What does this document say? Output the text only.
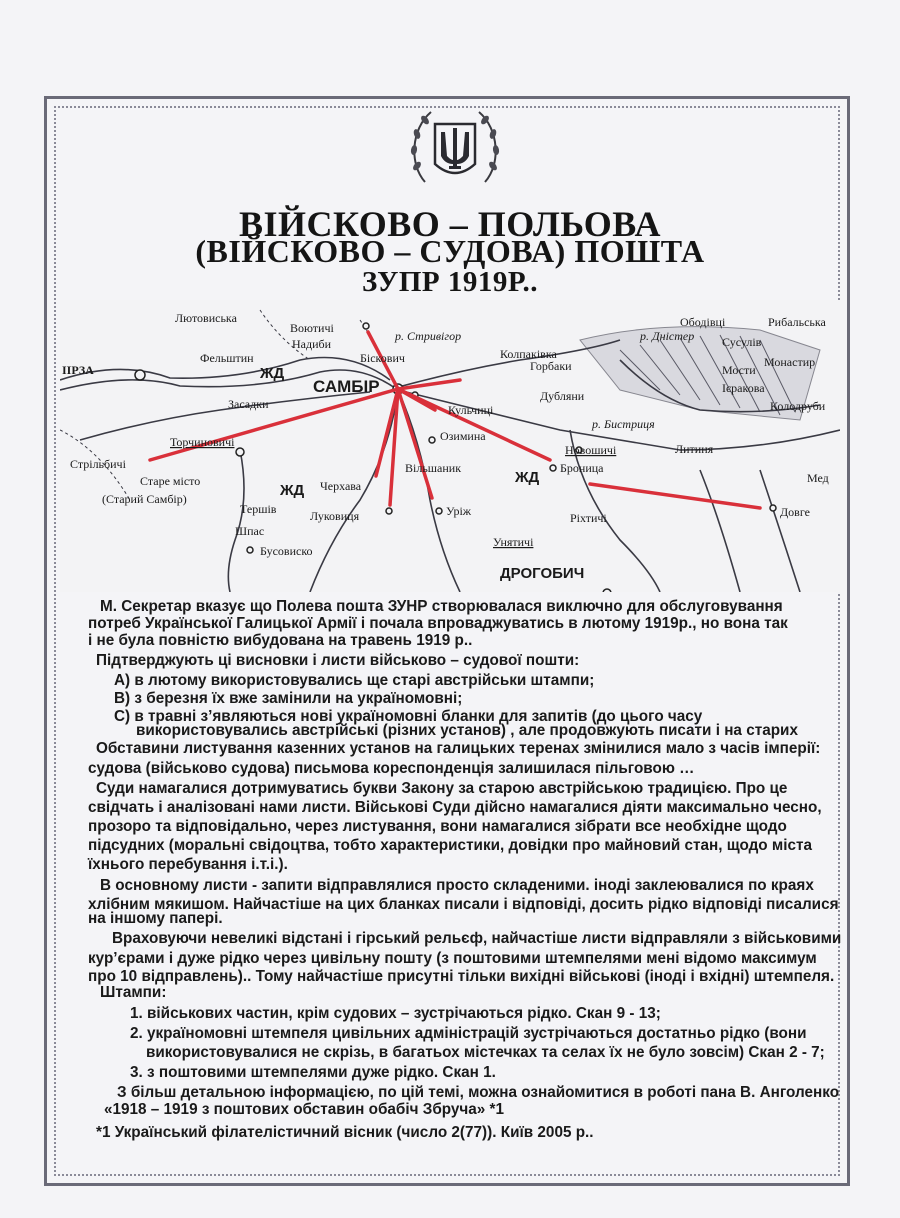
ВІЙСКОВО – ПОЛЬОВА
(ВІЙСКОВО – СУДОВА) ПОШТА
ЗУПР 1919Р..
Лютовиська
Воютичі
Надиби
Біскович
р. Стривігор
Фельштин
ІІРЗА	ЖД
САМБІР
Засадки
Торчиновичі
Стрільбичі
Старе місто
(Старий Самбір)	ЖД Черхава
Тершів	Луковиця	Уріж
Шпас
Бусовиско
Вільшаник
Кульчиці
Озимина
Новошичі
ЖД
Броница
Ріхтичі
Унятичі
ДРОГОБИЧ
Довге
Литиня
Мед
Горбаки
Дубляни
р. Бистриця
Колпаківка
Ободівці	Рибальська
Сусулів
Монастир
Мости
Ієракова
Колодруби
р. Дністер
М. Секретар вказує що Полева пошта ЗУНР створювалася виключно для обслуговування
потреб Української Галицької Армії і почала впроваджуватись в лютому 1919р., но вона так
і не була повністю вибудована на травень 1919 р..
Підтверджують ці висновки і листи військово – судової пошти:
А) в лютому використовувались ще старі австрійськи штампи;
В) з березня їх вже замінили на україномовні;
С) в травні з’являються нові україномовні бланки для запитів (до цього часу
використовувались австрійські (різних установ) , але продовжують писати і на старих
Обставини листування казенних установ на галицьких теренах змінилися мало з часів імперії:
судова (військово судова) письмова кореспонденція залишилася пільговою …
Суди намагалися дотримуватись букви Закону за старою австрійською традицією. Про це
свідчать і аналізовані нами листи. Військові Суди дійсно намагалися діяти максимально чесно,
прозоро та відповідально, через листування, вони намагалися зібрати все необхідне щодо
підсудних (моральні свідоцтва, тобто характеристики, довідки про майновий стан, щодо міста
їхнього перебування і.т.і.).
В основному листи - запити відправлялися просто складеними. іноді заклеювалися по краях
хлібним мякишом. Найчастіше на цих бланках писали і відповіді, досить рідко відповіді писалися
на іншому папері.
Враховуючи невеликі відстані і гірський рельєф, найчастіше листи відправляли з військовими
кур’єрами і дуже рідко через цивільну пошту (з поштовими штемпелями мені відомо максимум
про 10 відправлень).. Тому найчастіше присутні тільки вихідні військові (іноді і вхідні) штемпеля.
Штампи:
1. військових частин, крім судових – зустрічаються рідко. Скан 9 - 13;
2. україномовні штемпеля цивільних адміністрацій зустрічаються достатньо рідко (вони
використовувалися не скрізь, в багатьох містечках та селах їх не було зовсім) Скан 2 - 7;
3. з поштовими штемпелями дуже рідко. Скан 1.
З більш детальною інформацією, по цій темі, можна ознайомитися в роботі пана В. Анголенко
«1918 – 1919 з поштових обставин обабіч Збруча» *1
*1 Український філателістичний вісник (число 2(77)). Київ 2005 р..
